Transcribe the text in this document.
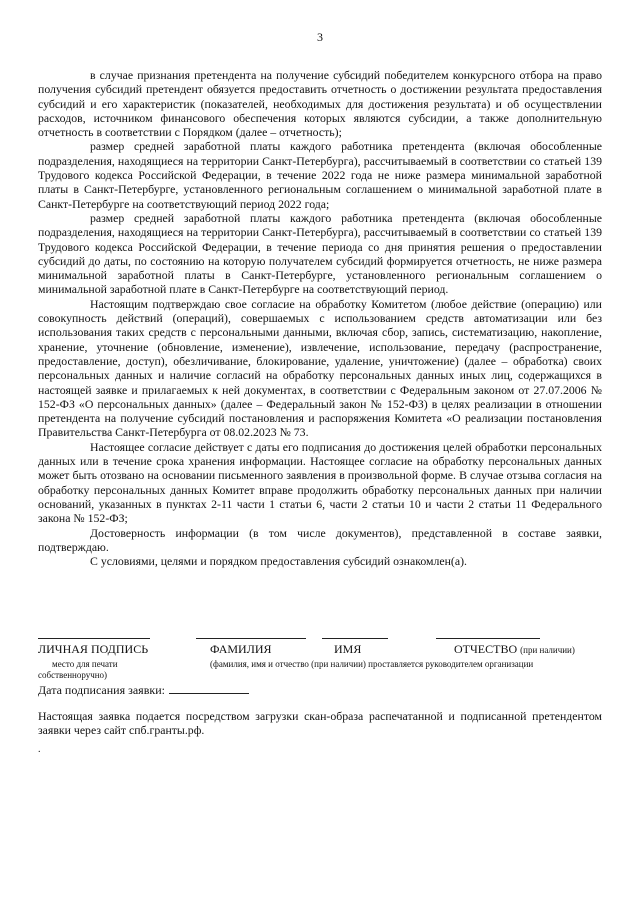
3

в случае признания претендента на получение субсидий победителем конкурсного отбора на право получения субсидий претендент обязуется предоставить отчетность о достижении результата предоставления субсидий и его характеристик (показателей, необходимых для достижения результата) и об осуществлении расходов, источником финансового обеспечения которых являются субсидии, а также дополнительную отчетность в соответствии с Порядком (далее – отчетность);

размер средней заработной платы каждого работника претендента (включая обособленные подразделения, находящиеся на территории Санкт-Петербурга), рассчитываемый в соответствии со статьей 139 Трудового кодекса Российской Федерации, в течение 2022 года не ниже размера минимальной заработной платы в Санкт-Петербурге, установленного региональным соглашением о минимальной заработной плате в Санкт-Петербурге на соответствующий период 2022 года;

размер средней заработной платы каждого работника претендента (включая обособленные подразделения, находящиеся на территории Санкт-Петербурга), рассчитываемый в соответствии со статьей 139 Трудового кодекса Российской Федерации, в течение периода со дня принятия решения о предоставлении субсидий до даты, по состоянию на которую получателем субсидий формируется отчетность, не ниже размера минимальной заработной платы в Санкт-Петербурге, установленного региональным соглашением о минимальной заработной плате в Санкт-Петербурге на соответствующий период.

Настоящим подтверждаю свое согласие на обработку Комитетом (любое действие (операцию) или совокупность действий (операций), совершаемых с использованием средств автоматизации или без использования таких средств с персональными данными, включая сбор, запись, систематизацию, накопление, хранение, уточнение (обновление, изменение), извлечение, использование, передачу (распространение, предоставление, доступ), обезличивание, блокирование, удаление, уничтожение) (далее – обработка) своих персональных данных и наличие согласий на обработку персональных данных иных лиц, содержащихся в настоящей заявке и прилагаемых к ней документах, в соответствии с Федеральным законом от 27.07.2006 № 152-ФЗ «О персональных данных» (далее – Федеральный закон № 152-ФЗ) в целях реализации в отношении претендента на получение субсидий постановления и распоряжения Комитета «О реализации постановления Правительства Санкт-Петербурга от 08.02.2023 № 73.

Настоящее согласие действует с даты его подписания до достижения целей обработки персональных данных или в течение срока хранения информации. Настоящее согласие на обработку персональных данных может быть отозвано на основании письменного заявления в произвольной форме. В случае отзыва согласия на обработку персональных данных Комитет вправе продолжить обработку персональных данных при наличии оснований, указанных в пунктах 2-11 части 1 статьи 6, части 2 статьи 10 и части 2 статьи 11 Федерального закона № 152-ФЗ;

Достоверность информации (в том числе документов), представленной в составе заявки, подтверждаю.

С условиями, целями и порядком предоставления субсидий ознакомлен(а).

ЛИЧНАЯ ПОДПИСЬ	ФАМИЛИЯ	ИМЯ	ОТЧЕСТВО (при наличии)
место для печати
собственноручно)
(фамилия, имя и отчество (при наличии) проставляется руководителем организации
Дата подписания заявки:

Настоящая заявка подается посредством загрузки скан-образа распечатанной и подписанной претендентом заявки через сайт спб.гранты.рф.

.
